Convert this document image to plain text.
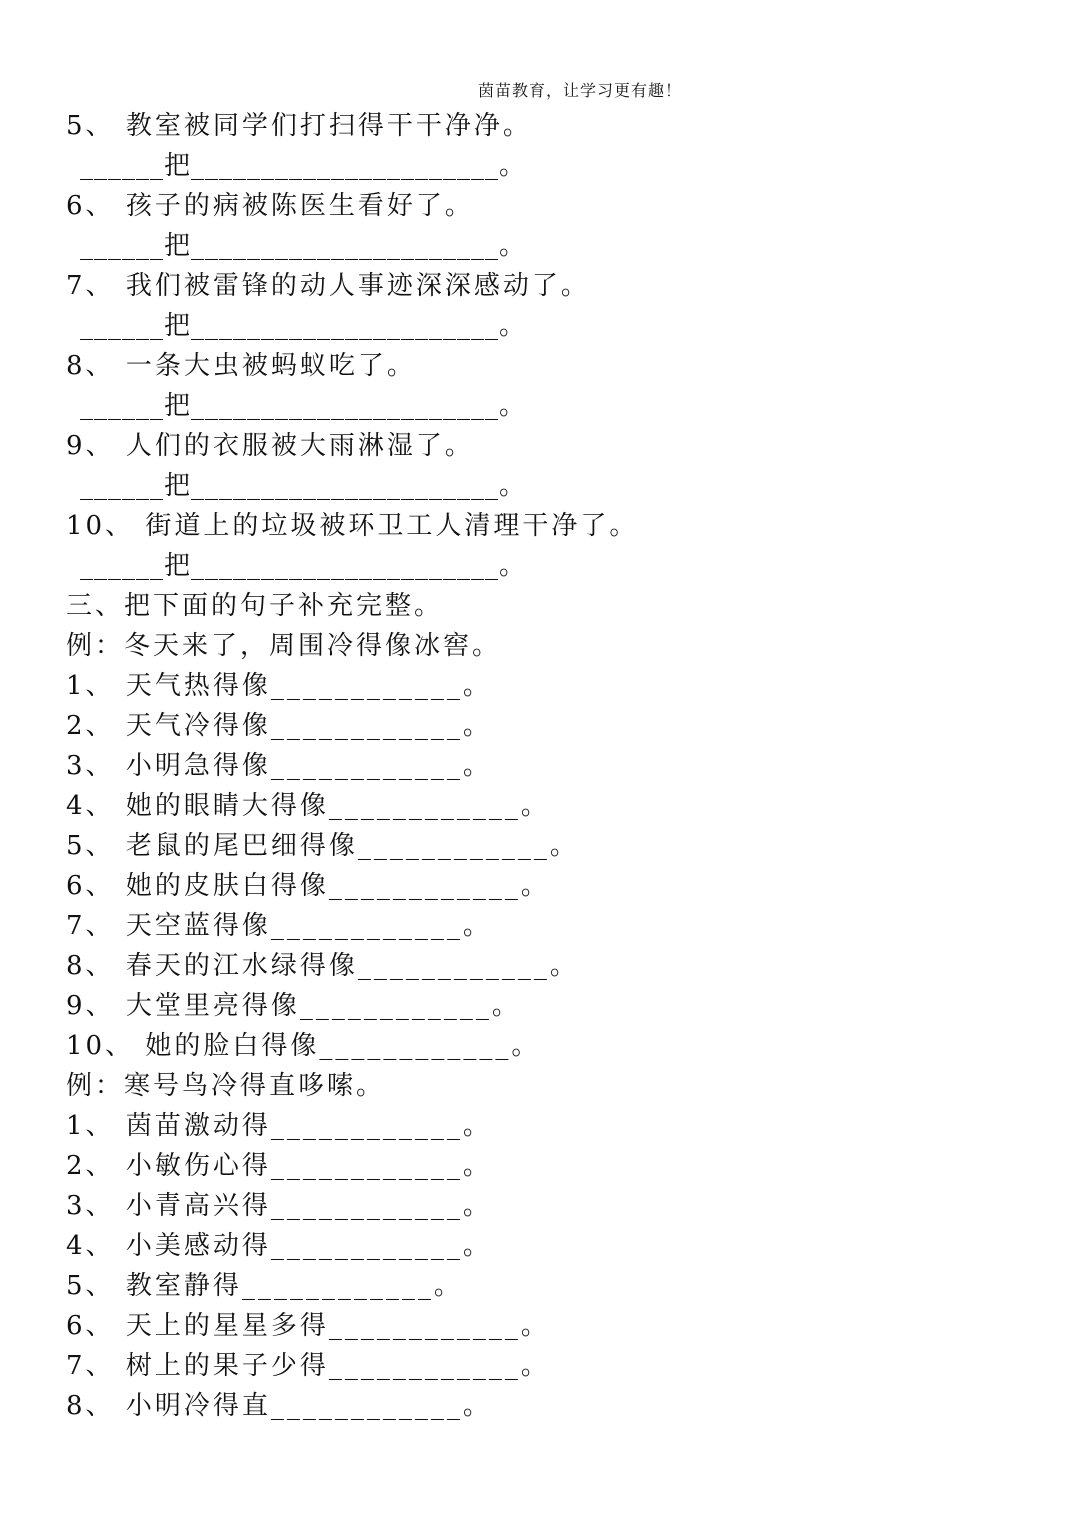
茵苗教育，让学习更有趣！
5、 教室被同学们打扫得干干净净。
______把______________________。
6、 孩子的病被陈医生看好了。
______把______________________。
7、 我们被雷锋的动人事迹深深感动了。
______把______________________。
8、 一条大虫被蚂蚁吃了。
______把______________________。
9、 人们的衣服被大雨淋湿了。
______把______________________。
10、 街道上的垃圾被环卫工人清理干净了。
______把______________________。
三、把下面的句子补充完整。
例：冬天来了，周围冷得像冰窖。
1、 天气热得像____________。
2、 天气冷得像____________。
3、 小明急得像____________。
4、 她的眼睛大得像____________。
5、 老鼠的尾巴细得像____________。
6、 她的皮肤白得像____________。
7、 天空蓝得像____________。
8、 春天的江水绿得像____________。
9、 大堂里亮得像____________。
10、 她的脸白得像____________。
例：寒号鸟冷得直哆嗦。
1、 茵苗激动得____________。
2、 小敏伤心得____________。
3、 小青高兴得____________。
4、 小美感动得____________。
5、 教室静得____________。
6、 天上的星星多得____________。
7、 树上的果子少得____________。
8、 小明冷得直____________。
